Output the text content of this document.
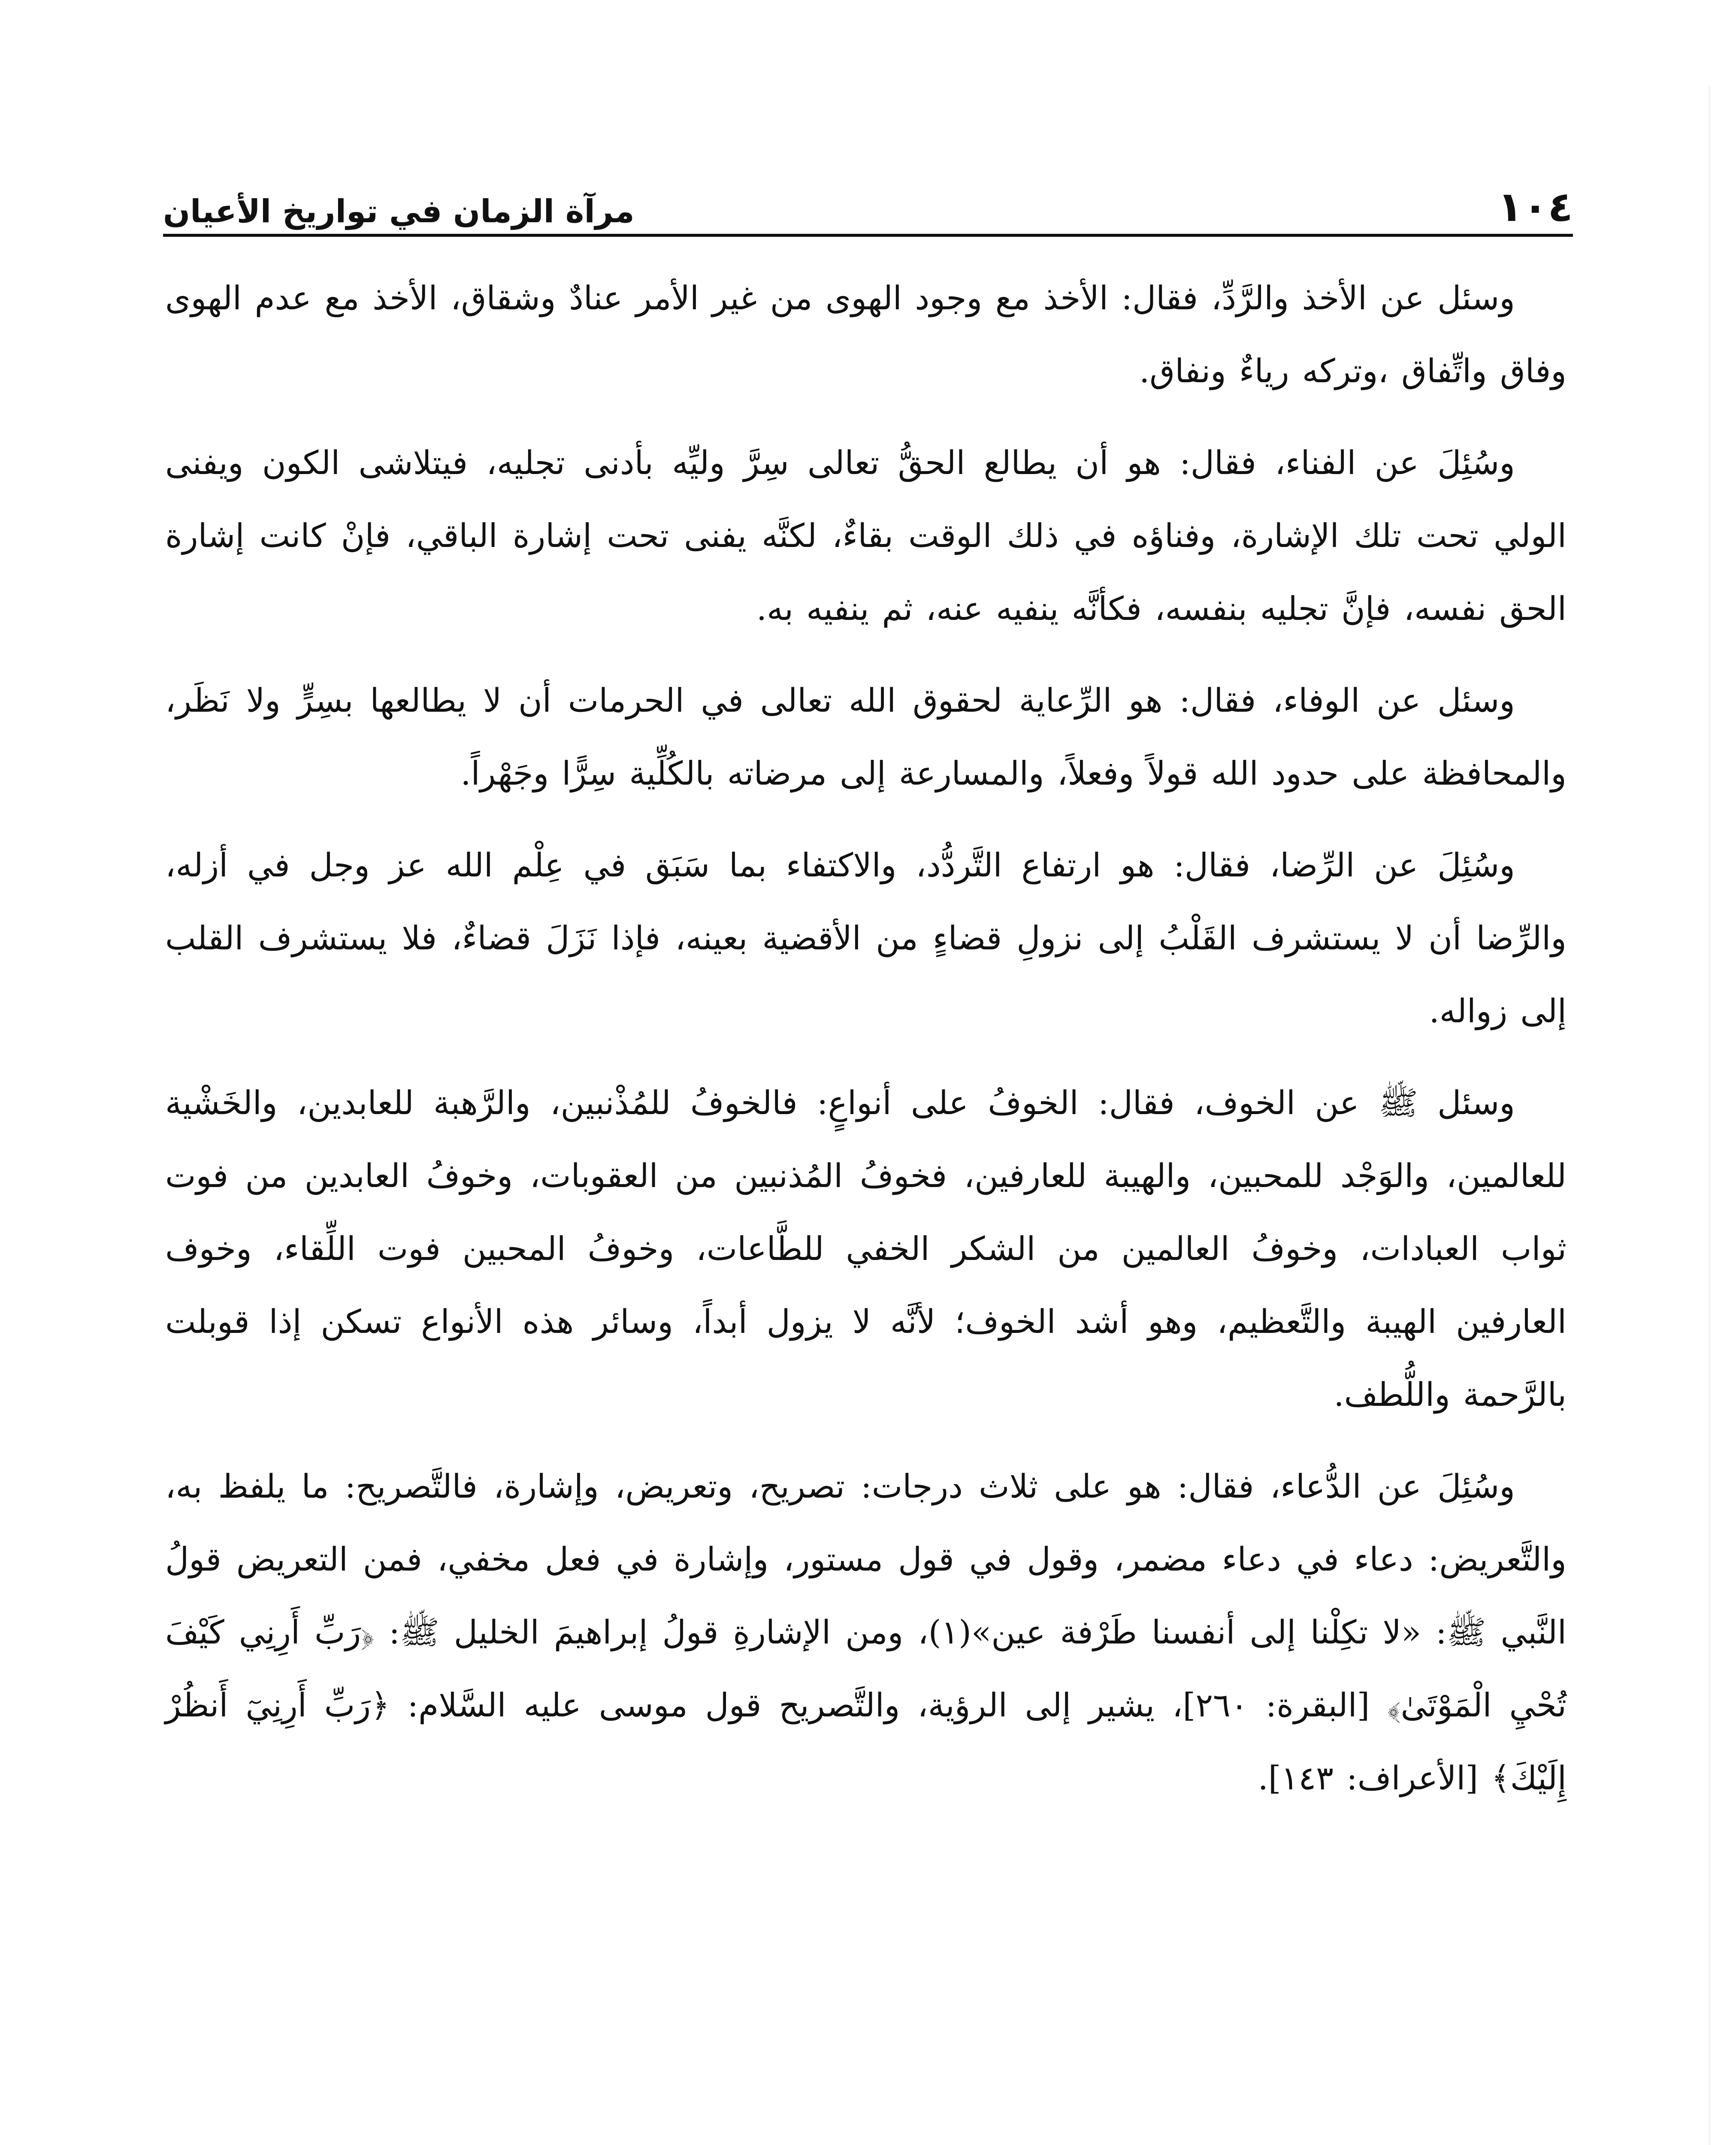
١٠٤
مرآة الزمان في تواريخ الأعيان

وسئل عن الأخذ والرَّدِّ، فقال: الأخذ مع وجود الهوى من غير الأمر عنادٌ وشقاق، الأخذ مع عدم الهوى وفاق واتِّفاق ،وتركه رياءٌ ونفاق.

وسُئِلَ عن الفناء، فقال: هو أن يطالع الحقُّ تعالى سِرَّ وليِّه بأدنى تجليه، فيتلاشى الكون ويفنى الولي تحت تلك الإشارة، وفناؤه في ذلك الوقت بقاءٌ، لكنَّه يفنى تحت إشارة الباقي، فإنْ كانت إشارة الحق نفسه، فإنَّ تجليه بنفسه، فكأنَّه ينفيه عنه، ثم ينفيه به.

وسئل عن الوفاء، فقال: هو الرِّعاية لحقوق الله تعالى في الحرمات أن لا يطالعها بسِرٍّ ولا نَظَر، والمحافظة على حدود الله قولاً وفعلاً، والمسارعة إلى مرضاته بالكُلِّية سِرًّا وجَهْراً.

وسُئِلَ عن الرِّضا، فقال: هو ارتفاع التَّردُّد، والاكتفاء بما سَبَق في عِلْم الله عز وجل في أزله، والرِّضا أن لا يستشرف القَلْبُ إلى نزولِ قضاءٍ من الأقضية بعينه، فإذا نَزَلَ قضاءٌ، فلا يستشرف القلب إلى زواله.

وسئل ﷺ عن الخوف، فقال: الخوفُ على أنواعٍ: فالخوفُ للمُذْنبين، والرَّهبة للعابدين، والخَشْية للعالمين، والوَجْد للمحبين، والهيبة للعارفين، فخوفُ المُذنبين من العقوبات، وخوفُ العابدين من فوت ثواب العبادات، وخوفُ العالمين من الشكر الخفي للطَّاعات، وخوفُ المحبين فوت اللِّقاء، وخوف العارفين الهيبة والتَّعظيم، وهو أشد الخوف؛ لأنَّه لا يزول أبداً، وسائر هذه الأنواع تسكن إذا قوبلت بالرَّحمة واللُّطف.

وسُئِلَ عن الدُّعاء، فقال: هو على ثلاث درجات: تصريح، وتعريض، وإشارة، فالتَّصريح: ما يلفظ به، والتَّعريض: دعاء في دعاء مضمر، وقول في قول مستور، وإشارة في فعل مخفي، فمن التعريض قولُ النَّبي ﷺ: «لا تكِلْنا إلى أنفسنا طَرْفة عين»(١)، ومن الإشارةِ قولُ إبراهيمَ الخليل ﷺ: ﴿رَبِّ أَرِنِي كَيْفَ تُحْيِ الْمَوْتَىٰ﴾ [البقرة: ٢٦٠]، يشير إلى الرؤية، والتَّصريح قول موسى عليه السَّلام: ﴿رَبِّ أَرِنِيٓ أَنظُرْ إِلَيْكَ﴾ [الأعراف: ١٤٣].
